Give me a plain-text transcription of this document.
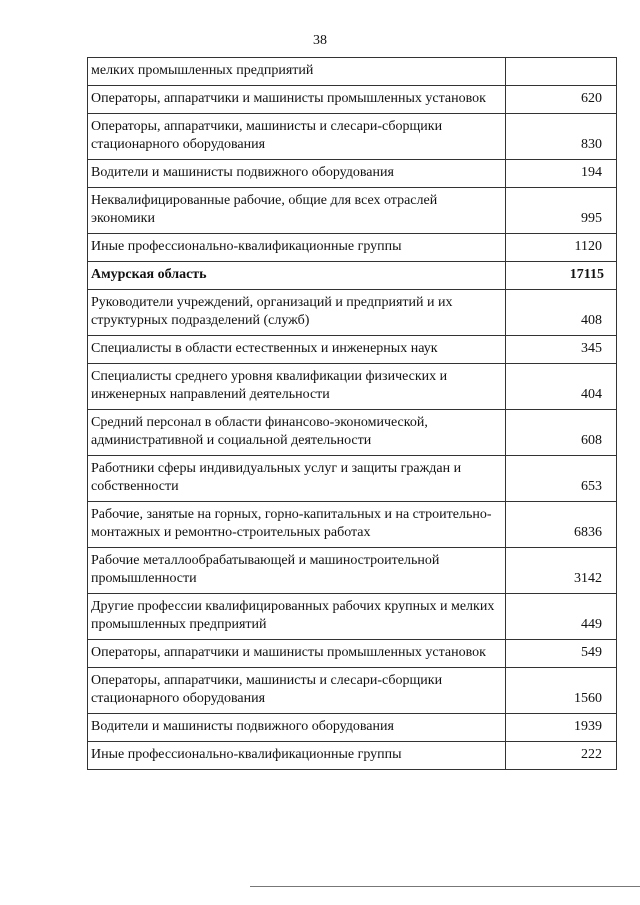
38
мелких промышленных предприятий	
Операторы, аппаратчики и машинисты промышленных установок	620
Операторы, аппаратчики, машинисты и слесари-сборщики стационарного оборудования	830
Водители и машинисты подвижного оборудования	194
Неквалифицированные рабочие, общие для всех отраслей экономики	995
Иные профессионально-квалификационные группы	1120
Амурская область	17115
Руководители учреждений, организаций и предприятий и их структурных подразделений (служб)	408
Специалисты в области естественных и инженерных наук	345
Специалисты среднего уровня квалификации физических и инженерных направлений деятельности	404
Средний персонал в области финансово-экономической, административной и социальной деятельности	608
Работники сферы индивидуальных услуг и защиты граждан и собственности	653
Рабочие, занятые на горных, горно-капитальных и на строительно-монтажных и ремонтно-строительных работах	6836
Рабочие металлообрабатывающей и машиностроительной промышленности	3142
Другие профессии квалифицированных рабочих крупных и мелких промышленных предприятий	449
Операторы, аппаратчики и машинисты промышленных установок	549
Операторы, аппаратчики, машинисты и слесари-сборщики стационарного оборудования	1560
Водители и машинисты подвижного оборудования	1939
Иные профессионально-квалификационные группы	222
